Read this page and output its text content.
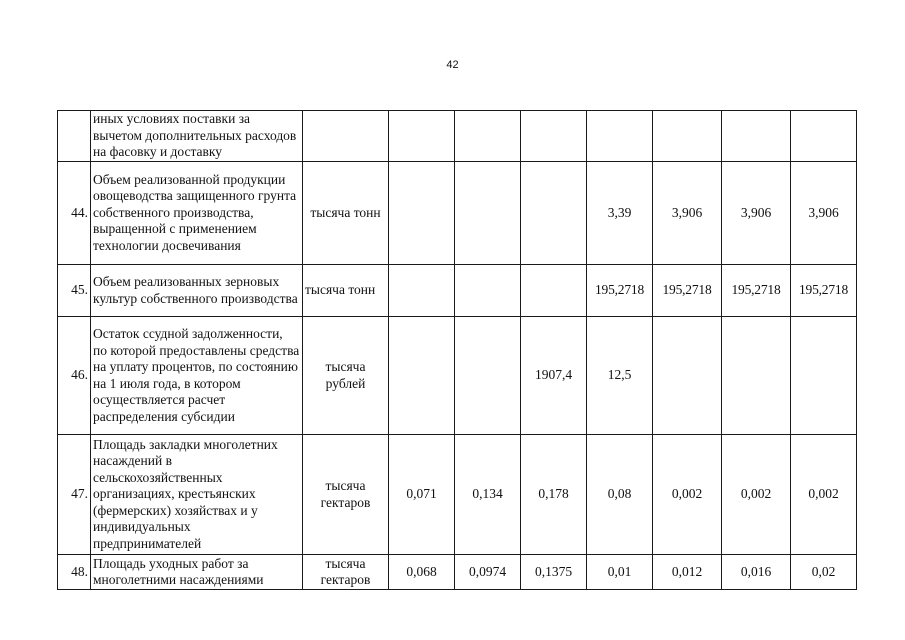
42
	иных условиях поставки за вычетом дополнительных расходов на фасовку и доставку								
44.	Объем реализованной продукции овощеводства защищенного грунта собственного производства, выращенной с применением технологии досвечивания	тысяча тонн				3,39	3,906	3,906	3,906
45.	Объем реализованных зерновых культур собственного производства	тысяча тонн				195,2718	195,2718	195,2718	195,2718
46.	Остаток ссудной задолженности, по которой предоставлены средства на уплату процентов, по состоянию на 1 июля года, в котором осуществляется расчет распределения субсидии	тысяча рублей			1907,4	12,5			
47.	Площадь закладки многолетних насаждений в сельскохозяйственных организациях, крестьянских (фермерских) хозяйствах и у индивидуальных предпринимателей	тысяча гектаров	0,071	0,134	0,178	0,08	0,002	0,002	0,002
48.	Площадь уходных работ за многолетними насаждениями	тысяча гектаров	0,068	0,0974	0,1375	0,01	0,012	0,016	0,02
